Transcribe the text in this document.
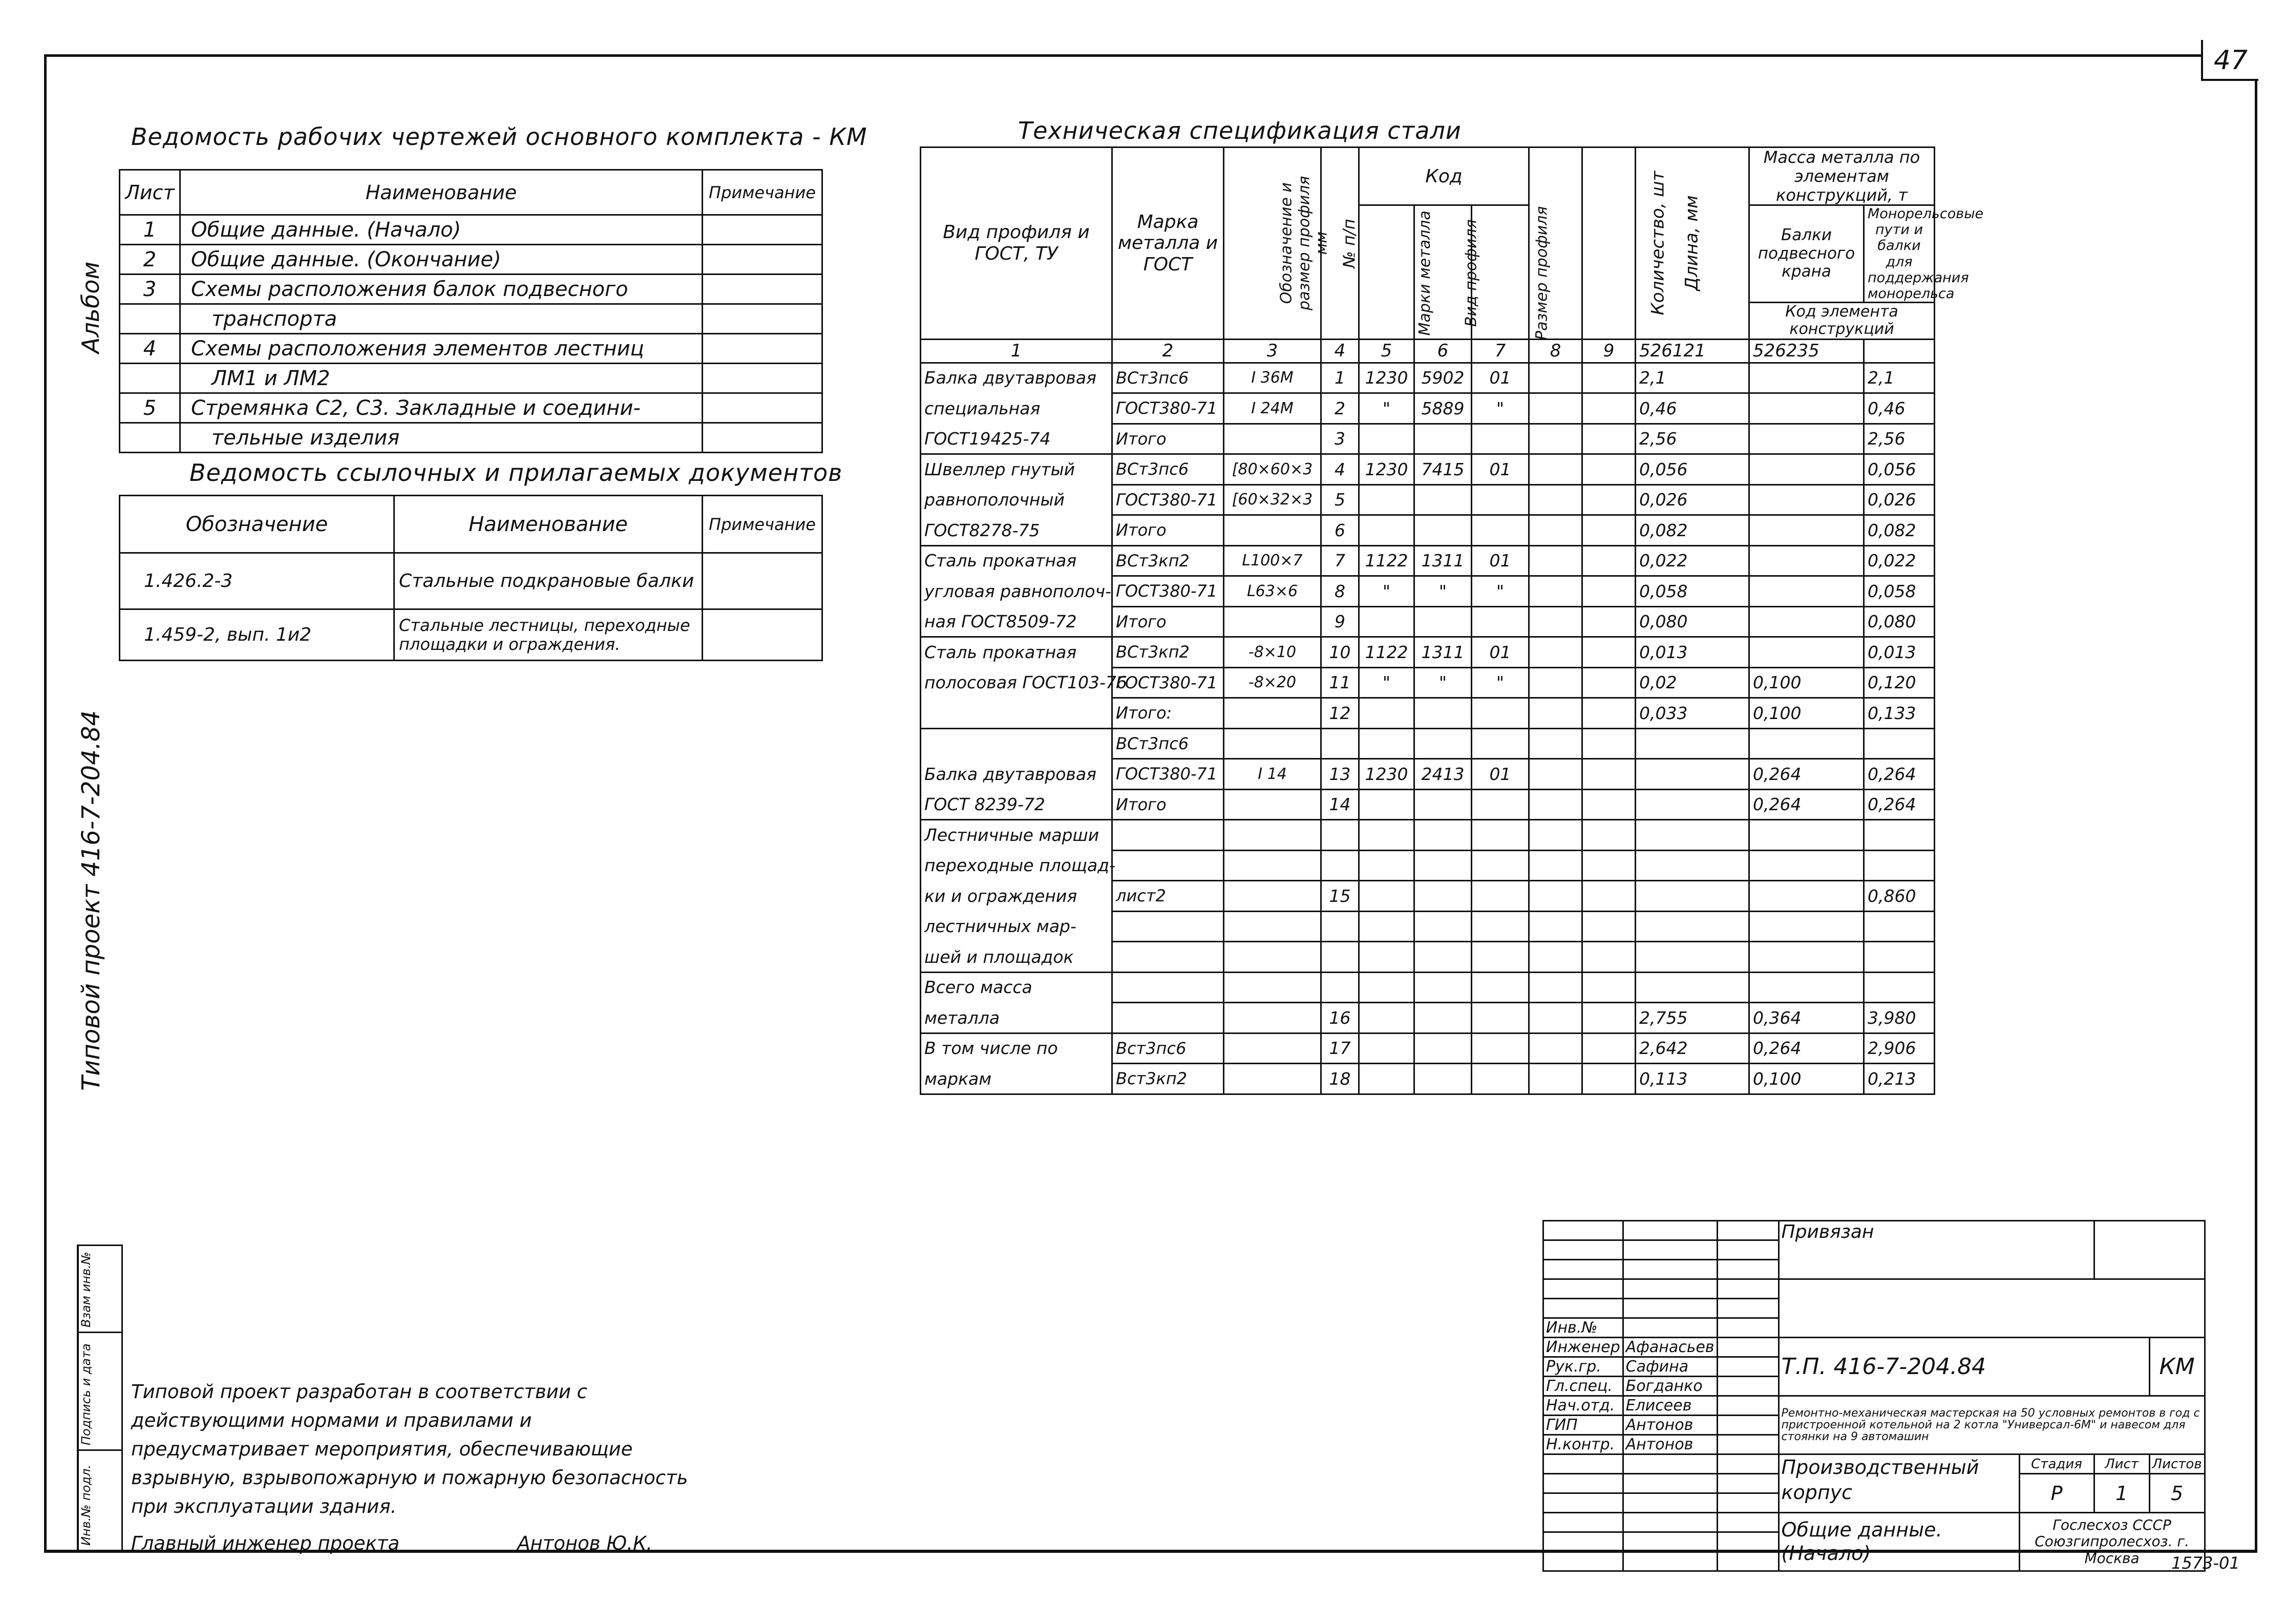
47
Альбом
Типовой проект 416-7-204.84
Взам инв.№
Подпись и дата
Инв.№ подл.
Ведомость рабочих чертежей основного комплекта - КМ
Лист	Наименование	Примечание
1	Общие данные. (Начало)	
2	Общие данные. (Окончание)	
3	Схемы расположения балок подвесного	
	транспорта	
4	Схемы расположения элементов лестниц	
	ЛМ1 и ЛМ2	
5	Стремянка С2, С3. Закладные и соедини-	
	тельные изделия	
Ведомость ссылочных и прилагаемых документов
Обозначение	Наименование	Примечание
1.426.2-3	Стальные подкрановые балки	
1.459-2, вып. 1и2	Стальные лестницы, переходные площадки и ограждения.	
Техническая спецификация стали
Вид профиля и ГОСТ, ТУ	Марка металла и ГОСТ	Обозначение и размер профиля мм	№ п/п	Код				Количество, шт	Длина, мм	Масса металла по элементам конструкций, т	
				Марки металла	Вид профиля	Размер профиля				Балки подвесного крана	Монорельсовые пути и балки для поддержания монорельса	
										Код элемента конструкций		
1	2	3	4	5	6	7	8	9	526121	526235		
Балка двутавровая	ВСт3пс6	I 36М	1	1230	5902	01			2,1		2,1	
специальная	ГОСТ380-71	I 24М	2	"	5889	"			0,46		0,46	
ГОСТ19425-74	Итого		3						2,56		2,56	
Швеллер гнутый	ВСт3пс6	[80×60×3	4	1230	7415	01			0,056		0,056	
равнополочный	ГОСТ380-71	[60×32×3	5						0,026		0,026	
ГОСТ8278-75	Итого		6						0,082		0,082	
Сталь прокатная	ВСт3кп2	L100×7	7	1122	1311	01			0,022		0,022	
угловая равнополоч-	ГОСТ380-71	L63×6	8	"	"	"			0,058		0,058	
ная ГОСТ8509-72	Итого		9						0,080		0,080	
Сталь прокатная	ВСт3кп2	-8×10	10	1122	1311	01			0,013		0,013	
полосовая ГОСТ103-76	ГОСТ380-71	-8×20	11	"	"	"			0,02	0,100	0,120	
	Итого:		12						0,033	0,100	0,133	
	ВСт3пс6											
Балка двутавровая	ГОСТ380-71	I 14	13	1230	2413	01				0,264	0,264	
ГОСТ 8239-72	Итого		14							0,264	0,264	
Лестничные марши												
переходные площад-												
ки и ограждения	лист2		15								0,860	
лестничных мар-												
шей и площадок												
Всего масса												
металла			16						2,755	0,364	3,980	
В том числе по	Вст3пс6		17						2,642	0,264	2,906	
маркам	Вст3кп2		18						0,113	0,100	0,213	
Типовой проект разработан в соответствии с действующими нормами и правилами и предусматривает мероприятия, обеспечивающие взрывную, взрывопожарную и пожарную безопасность при эксплуатации здания.
Главный инженер проекта	Антонов Ю.К.
			Привязан			

Инв.№						
Инженер	Афанасьев		Т.П. 416-7-204.84			КМ
Рук.гр.	Сафина					
Гл.спец.	Богданко					
Нач.отд.	Елисеев		Ремонтно-механическая мастерская на 50 условных ремонтов в год с пристроенной котельной на 2 котла "Универсал-6М" и навесом для стоянки на 9 автомашин			
ГИП	Антонов					
Н.контр.	Антонов					
			Производственный корпус	Стадия	Лист	Листов
				Р	1	5

			Общие данные. (Начало)	Гослесхоз СССР Союзгипролесхоз. г. Москва		

		1573-01
